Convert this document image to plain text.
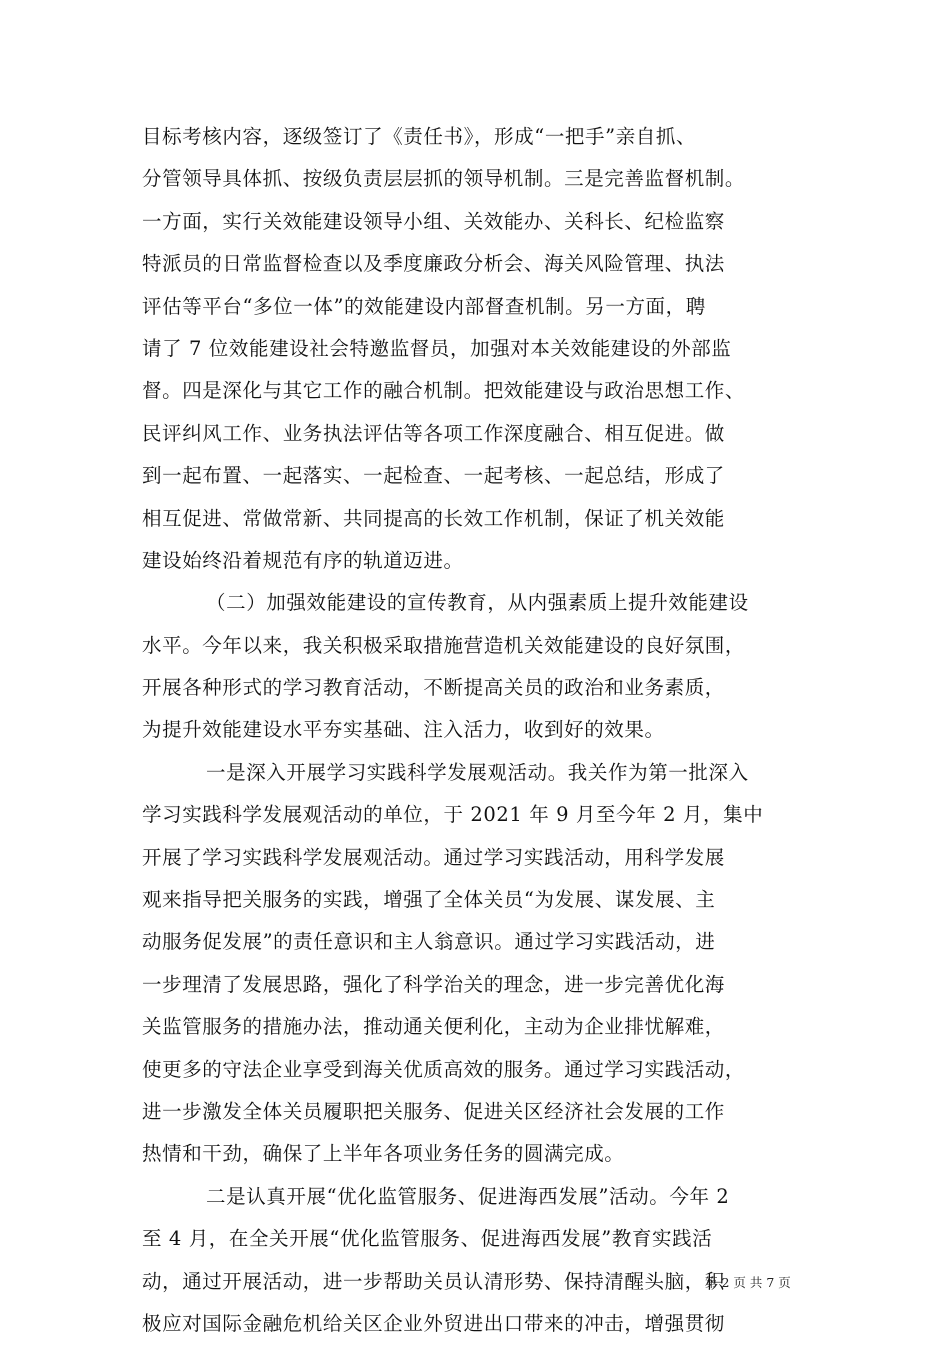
目标考核内容，逐级签订了《责任书》，形成“一把手”亲自抓、
分管领导具体抓、按级负责层层抓的领导机制。三是完善监督机制。
一方面，实行关效能建设领导小组、关效能办、关科长、纪检监察
特派员的日常监督检查以及季度廉政分析会、海关风险管理、执法
评估等平台“多位一体”的效能建设内部督查机制。另一方面，聘
请了 7 位效能建设社会特邀监督员，加强对本关效能建设的外部监
督。四是深化与其它工作的融合机制。把效能建设与政治思想工作、
民评纠风工作、业务执法评估等各项工作深度融合、相互促进。做
到一起布置、一起落实、一起检查、一起考核、一起总结，形成了
相互促进、常做常新、共同提高的长效工作机制，保证了机关效能
建设始终沿着规范有序的轨道迈进。
（二）加强效能建设的宣传教育，从内强素质上提升效能建设
水平。今年以来，我关积极采取措施营造机关效能建设的良好氛围，
开展各种形式的学习教育活动，不断提高关员的政治和业务素质，
为提升效能建设水平夯实基础、注入活力，收到好的效果。
一是深入开展学习实践科学发展观活动。我关作为第一批深入
学习实践科学发展观活动的单位，于 2021 年 9 月至今年 2 月，集中
开展了学习实践科学发展观活动。通过学习实践活动，用科学发展
观来指导把关服务的实践，增强了全体关员“为发展、谋发展、主
动服务促发展”的责任意识和主人翁意识。通过学习实践活动，进
一步理清了发展思路，强化了科学治关的理念，进一步完善优化海
关监管服务的措施办法，推动通关便利化，主动为企业排忧解难，
使更多的守法企业享受到海关优质高效的服务。通过学习实践活动，
进一步激发全体关员履职把关服务、促进关区经济社会发展的工作
热情和干劲，确保了上半年各项业务任务的圆满完成。
二是认真开展“优化监管服务、促进海西发展”活动。今年 2
至 4 月，在全关开展“优化监管服务、促进海西发展”教育实践活
动，通过开展活动，进一步帮助关员认清形势、保持清醒头脑，积
极应对国际金融危机给关区企业外贸进出口带来的冲击，增强贯彻
第 2 页 共 7 页
